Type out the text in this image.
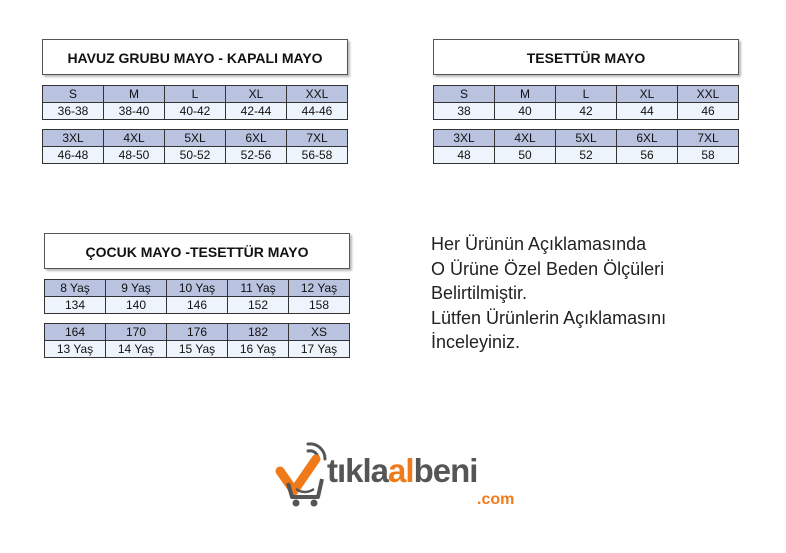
HAVUZ GRUBU MAYO - KAPALI MAYO
S	M	L	XL	XXL
36-38	38-40	40-42	42-44	44-46
3XL	4XL	5XL	6XL	7XL
46-48	48-50	50-52	52-56	56-58
TESETTÜR MAYO
S	M	L	XL	XXL
38	40	42	44	46
3XL	4XL	5XL	6XL	7XL
48	50	52	56	58
ÇOCUK MAYO -TESETTÜR MAYO
8 Yaş	9 Yaş	10 Yaş	11 Yaş	12 Yaş
134	140	146	152	158
164	170	176	182	XS
13 Yaş	14 Yaş	15 Yaş	16 Yaş	17 Yaş
Her Ürünün Açıklamasında
O Ürüne Özel Beden Ölçüleri
Belirtilmiştir.
Lütfen Ürünlerin Açıklamasını
İnceleyiniz.
tıklaalbeni
.com
